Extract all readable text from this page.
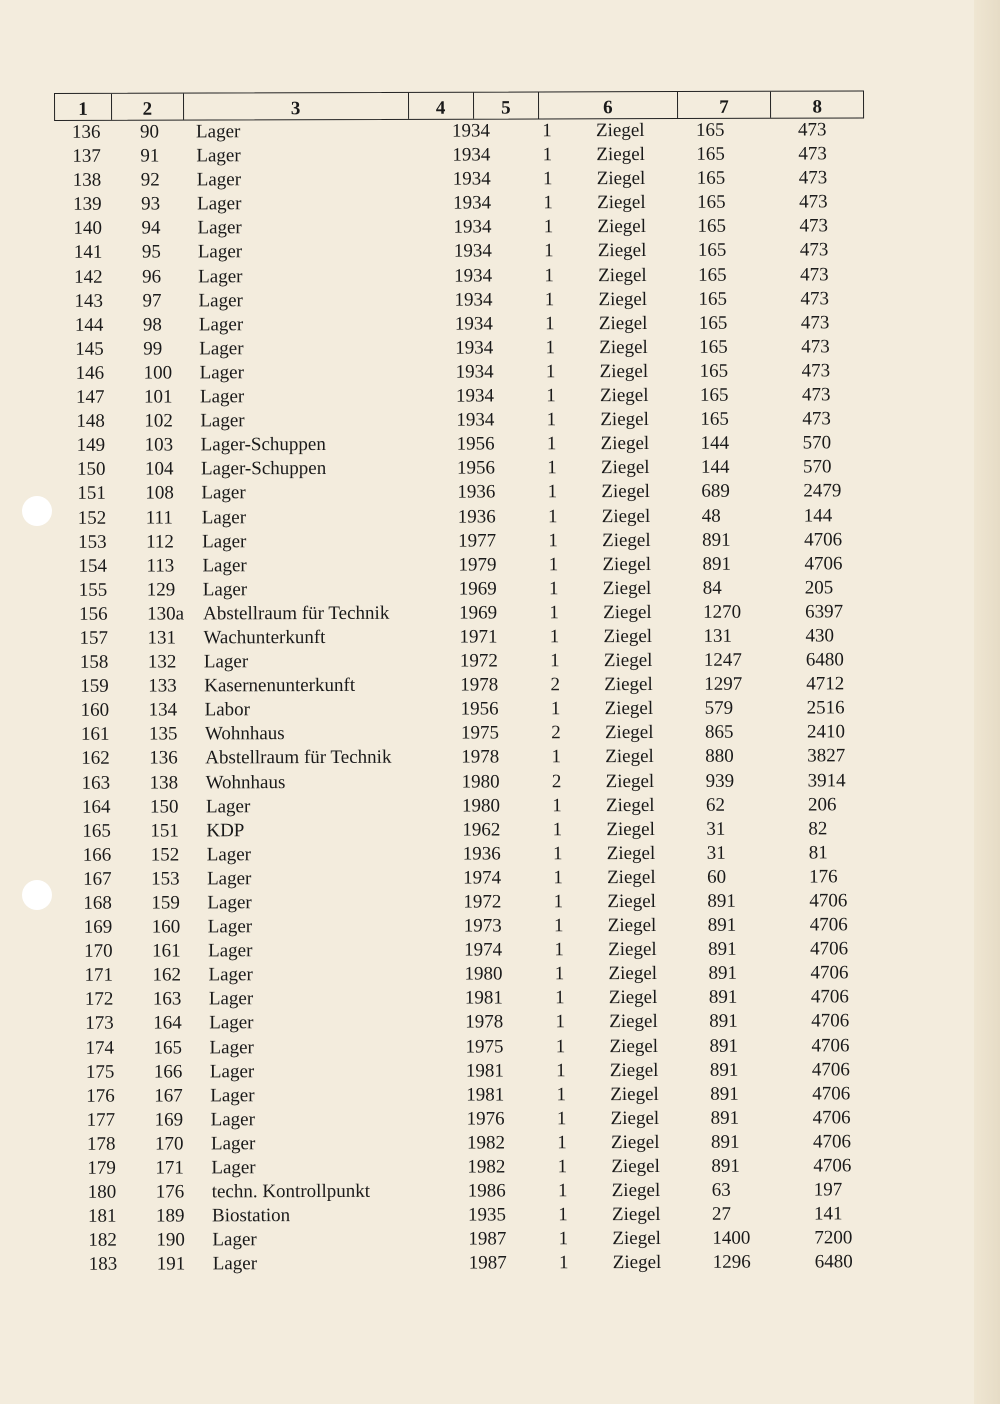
1	2	3	4	5	6	7	8
136	90	Lager	1934	1 Ziegel	165	473
137	91	Lager	1934	1 Ziegel	165	473
138	92	Lager	1934	1 Ziegel	165	473
139	93	Lager	1934	1 Ziegel	165	473
140	94	Lager	1934	1 Ziegel	165	473
141	95	Lager	1934	1 Ziegel	165	473
142	96	Lager	1934	1 Ziegel	165	473
143	97	Lager	1934	1 Ziegel	165	473
144	98	Lager	1934	1 Ziegel	165	473
145	99	Lager	1934	1 Ziegel	165	473
146	100	Lager	1934	1 Ziegel	165	473
147	101	Lager	1934	1 Ziegel	165	473
148	102	Lager	1934	1 Ziegel	165	473
149	103	Lager-Schuppen	1956	1 Ziegel	144	570
150	104	Lager-Schuppen	1956	1 Ziegel	144	570
151	108	Lager	1936	1 Ziegel	689	2479
152	111	Lager	1936	1 Ziegel	48	144
153	112	Lager	1977	1 Ziegel	891	4706
154	113	Lager	1979	1 Ziegel	891	4706
155	129	Lager	1969	1 Ziegel	84	205
156	130a Abstellraum für Technik	1969	1 Ziegel	1270	6397
157	131	Wachunterkunft	1971	1 Ziegel	131	430
158	132	Lager	1972	1 Ziegel	1247	6480
159	133	Kasernenunterkunft	1978	2 Ziegel	1297	4712
160	134	Labor	1956	1 Ziegel	579	2516
161	135	Wohnhaus	1975	2 Ziegel	865	2410
162	136	Abstellraum für Technik	1978	1 Ziegel	880	3827
163	138	Wohnhaus	1980	2 Ziegel	939	3914
164	150	Lager	1980	1 Ziegel	62	206
165	151	KDP	1962	1 Ziegel	31	82
166	152	Lager	1936	1 Ziegel	31	81
167	153	Lager	1974	1 Ziegel	60	176
168	159	Lager	1972	1 Ziegel	891	4706
169	160	Lager	1973	1 Ziegel	891	4706
170	161	Lager	1974	1 Ziegel	891	4706
171	162	Lager	1980	1 Ziegel	891	4706
172	163	Lager	1981	1 Ziegel	891	4706
173	164	Lager	1978	1 Ziegel	891	4706
174	165	Lager	1975	1 Ziegel	891	4706
175	166	Lager	1981	1 Ziegel	891	4706
176	167	Lager	1981	1 Ziegel	891	4706
177	169	Lager	1976	1 Ziegel	891	4706
178	170	Lager	1982	1 Ziegel	891	4706
179	171	Lager	1982	1 Ziegel	891	4706
180	176	techn. Kontrollpunkt	1986	1 Ziegel	63	197
181	189	Biostation	1935	1 Ziegel	27	141
182	190	Lager	1987	1 Ziegel	1400	7200
183	191	Lager	1987	1 Ziegel	1296	6480
